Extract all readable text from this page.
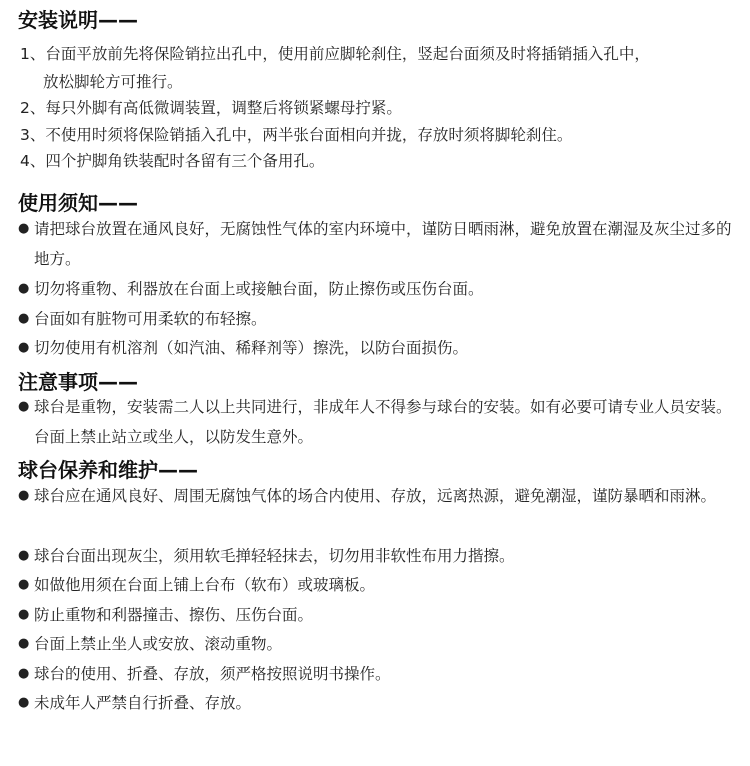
安装说明——
1、台面平放前先将保险销拉出孔中，使用前应脚轮刹住，竖起台面须及时将插销插入孔中，
放松脚轮方可推行。
2、每只外脚有高低微调装置，调整后将锁紧螺母拧紧。
3、不使用时须将保险销插入孔中，两半张台面相向并拢，存放时须将脚轮刹住。
4、四个护脚角铁装配时各留有三个备用孔。
使用须知——
● 请把球台放置在通风良好，无腐蚀性气体的室内环境中，谨防日晒雨淋，避免放置在潮湿及灰尘过多的地方。
● 切勿将重物、利器放在台面上或接触台面，防止擦伤或压伤台面。
● 台面如有脏物可用柔软的布轻擦。
● 切勿使用有机溶剂（如汽油、稀释剂等）擦洗，以防台面损伤。
注意事项——
● 球台是重物，安装需二人以上共同进行，非成年人不得参与球台的安装。如有必要可请专业人员安装。台面上禁止站立或坐人，以防发生意外。
球台保养和维护——
● 球台应在通风良好、周围无腐蚀气体的场合内使用、存放，远离热源，避免潮湿，谨防暴晒和雨淋。
● 球台台面出现灰尘，须用软毛掸轻轻抹去，切勿用非软性布用力揩擦。
● 如做他用须在台面上铺上台布（软布）或玻璃板。
● 防止重物和利器撞击、擦伤、压伤台面。
● 台面上禁止坐人或安放、滚动重物。
● 球台的使用、折叠、存放，须严格按照说明书操作。
● 未成年人严禁自行折叠、存放。
